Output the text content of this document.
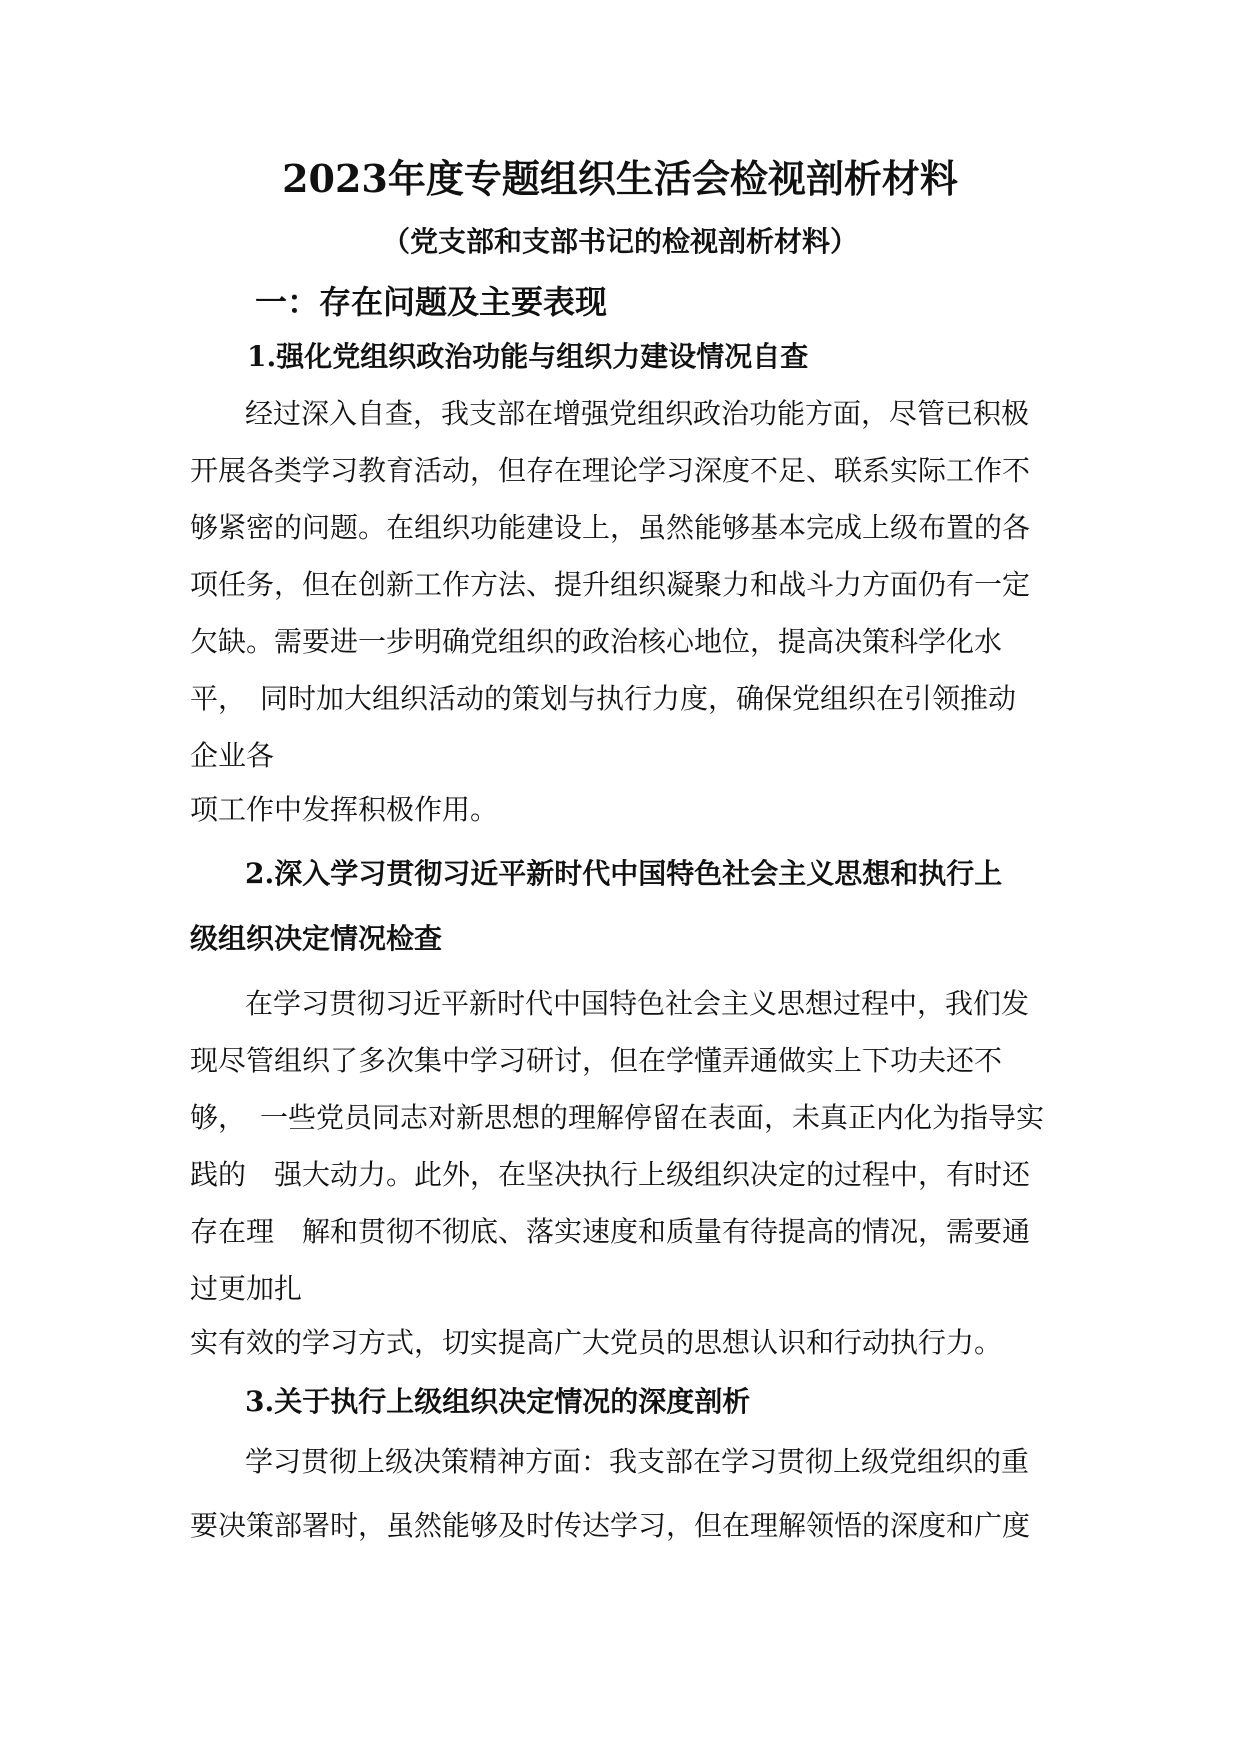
2023年度专题组织生活会检视剖析材料
（党支部和支部书记的检视剖析材料）
一：存在问题及主要表现
1.强化党组织政治功能与组织力建设情况自查
经过深入自查，我支部在增强党组织政治功能方面，尽管已积极
开展各类学习教育活动，但存在理论学习深度不足、联系实际工作不
够紧密的问题。在组织功能建设上，虽然能够基本完成上级布置的各
项任务，但在创新工作方法、提升组织凝聚力和战斗力方面仍有一定
欠缺。需要进一步明确党组织的政治核心地位，提高决策科学化水
平，　同时加大组织活动的策划与执行力度，确保党组织在引领推动
企业各
项工作中发挥积极作用。
2.深入学习贯彻习近平新时代中国特色社会主义思想和执行上
级组织决定情况检查
在学习贯彻习近平新时代中国特色社会主义思想过程中，我们发
现尽管组织了多次集中学习研讨，但在学懂弄通做实上下功夫还不
够，　一些党员同志对新思想的理解停留在表面，未真正内化为指导实
践的　强大动力。此外，在坚决执行上级组织决定的过程中，有时还
存在理　解和贯彻不彻底、落实速度和质量有待提高的情况，需要通
过更加扎
实有效的学习方式，切实提高广大党员的思想认识和行动执行力。
3.关于执行上级组织决定情况的深度剖析
学习贯彻上级决策精神方面：我支部在学习贯彻上级党组织的重
要决策部署时，虽然能够及时传达学习，但在理解领悟的深度和广度
